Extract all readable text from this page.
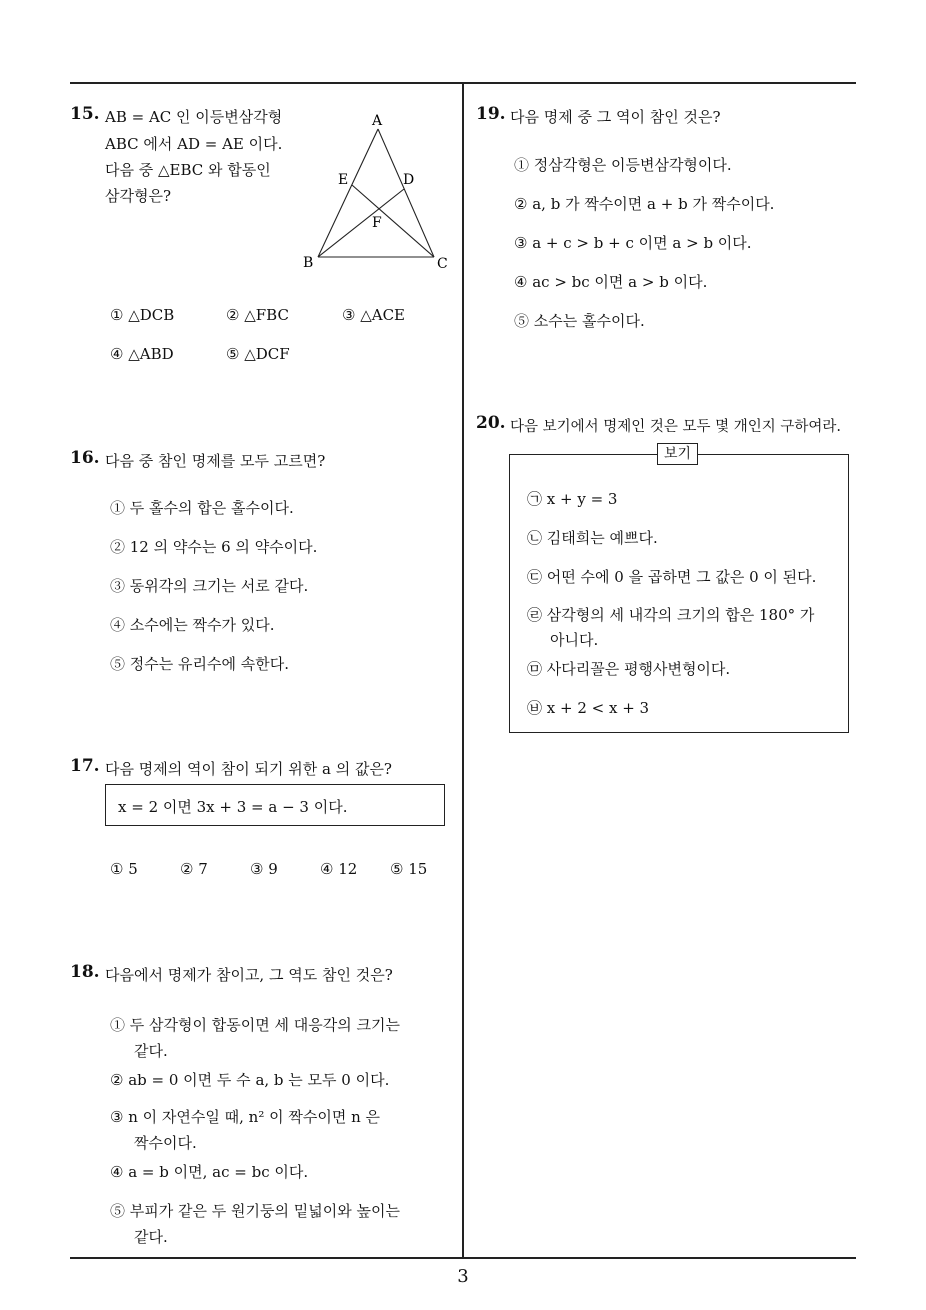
15. AB = AC 인 이등변삼각형
ABC 에서 AD = AE 이다.
다음 중 △EBC 와 합동인
삼각형은?
A
E	D
F
B	C
① △DCB	② △FBC	③ △ACE
④ △ABD	⑤ △DCF
16. 다음 중 참인 명제를 모두 고르면?
① 두 홀수의 합은 홀수이다.
② 12 의 약수는 6 의 약수이다.
③ 동위각의 크기는 서로 같다.
④ 소수에는 짝수가 있다.
⑤ 정수는 유리수에 속한다.
17. 다음 명제의 역이 참이 되기 위한 a 의 값은?
x = 2 이면 3x + 3 = a − 3 이다.
① 5	② 7	③ 9	④ 12 ⑤ 15
18. 다음에서 명제가 참이고, 그 역도 참인 것은?
① 두 삼각형이 합동이면 세 대응각의 크기는
같다.
② ab = 0 이면 두 수 a, b 는 모두 0 이다.
③ n 이 자연수일 때, n² 이 짝수이면 n 은
짝수이다.
④ a = b 이면, ac = bc 이다.
⑤ 부피가 같은 두 원기둥의 밑넓이와 높이는
같다.
19. 다음 명제 중 그 역이 참인 것은?
① 정삼각형은 이등변삼각형이다.
② a, b 가 짝수이면 a + b 가 짝수이다.
③ a + c > b + c 이면 a > b 이다.
④ ac > bc 이면 a > b 이다.
⑤ 소수는 홀수이다.
20. 다음 보기에서 명제인 것은 모두 몇 개인지 구하여라.
보기
㉠ x + y = 3
㉡ 김태희는 예쁘다.
㉢ 어떤 수에 0 을 곱하면 그 값은 0 이 된다.
㉣ 삼각형의 세 내각의 크기의 합은 180° 가
아니다.
㉤ 사다리꼴은 평행사변형이다.
㉥ x + 2 < x + 3
3
